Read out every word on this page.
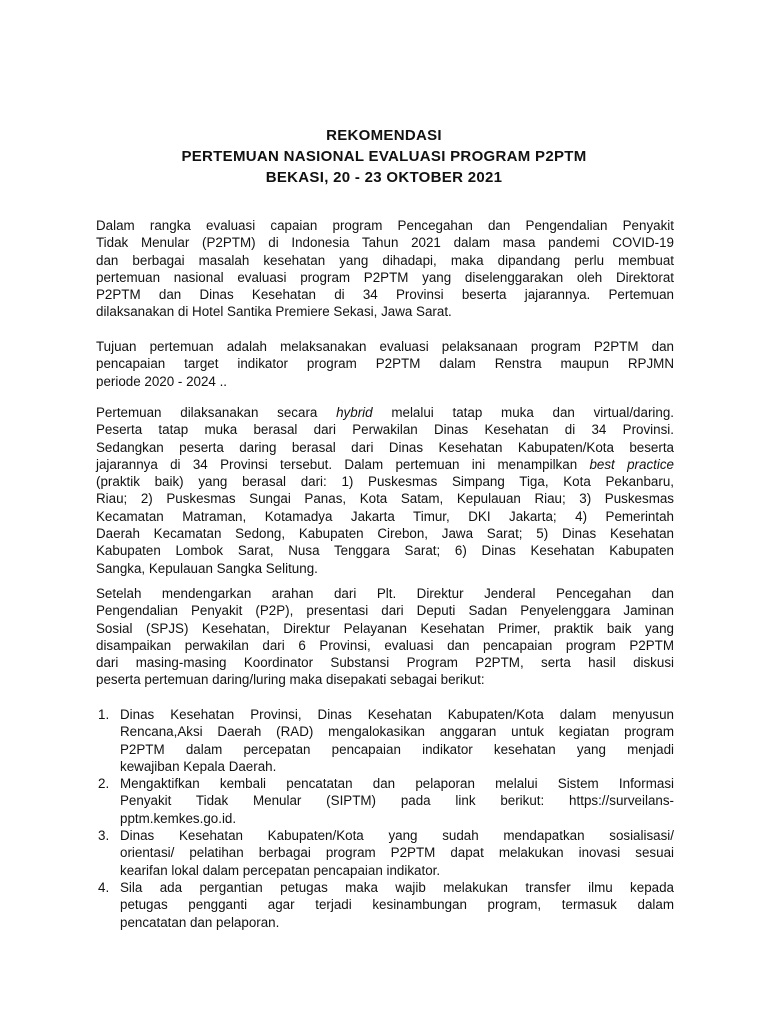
REKOMENDASI
PERTEMUAN NASIONAL EVALUASI PROGRAM P2PTM
BEKASI, 20 - 23 OKTOBER 2021
Dalam rangka evaluasi capaian program Pencegahan dan Pengendalian Penyakit
Tidak Menular (P2PTM) di Indonesia Tahun 2021 dalam masa pandemi COVID-19
dan berbagai masalah kesehatan yang dihadapi, maka dipandang perlu membuat
pertemuan nasional evaluasi program P2PTM yang diselenggarakan oleh Direktorat
P2PTM dan Dinas Kesehatan di 34 Provinsi beserta jajarannya. Pertemuan
dilaksanakan di Hotel Santika Premiere Sekasi, Jawa Sarat.
Tujuan pertemuan adalah melaksanakan evaluasi pelaksanaan program P2PTM dan
pencapaian target indikator program P2PTM dalam Renstra maupun RPJMN
periode 2020 - 2024 ..
Pertemuan dilaksanakan secara hybrid melalui tatap muka dan virtual/daring.
Peserta tatap muka berasal dari Perwakilan Dinas Kesehatan di 34 Provinsi.
Sedangkan peserta daring berasal dari Dinas Kesehatan Kabupaten/Kota beserta
jajarannya di 34 Provinsi tersebut. Dalam pertemuan ini menampilkan best practice
(praktik baik) yang berasal dari: 1) Puskesmas Simpang Tiga, Kota Pekanbaru,
Riau; 2) Puskesmas Sungai Panas, Kota Satam, Kepulauan Riau; 3) Puskesmas
Kecamatan Matraman, Kotamadya Jakarta Timur, DKI Jakarta; 4) Pemerintah
Daerah Kecamatan Sedong, Kabupaten Cirebon, Jawa Sarat; 5) Dinas Kesehatan
Kabupaten Lombok Sarat, Nusa Tenggara Sarat; 6) Dinas Kesehatan Kabupaten
Sangka, Kepulauan Sangka Selitung.
Setelah mendengarkan arahan dari Plt. Direktur Jenderal Pencegahan dan
Pengendalian Penyakit (P2P), presentasi dari Deputi Sadan Penyelenggara Jaminan
Sosial (SPJS) Kesehatan, Direktur Pelayanan Kesehatan Primer, praktik baik yang
disampaikan perwakilan dari 6 Provinsi, evaluasi dan pencapaian program P2PTM
dari masing-masing Koordinator Substansi Program P2PTM, serta hasil diskusi
peserta pertemuan daring/luring maka disepakati sebagai berikut:
1. Dinas Kesehatan Provinsi, Dinas Kesehatan Kabupaten/Kota dalam menyusun
Rencana,Aksi Daerah (RAD) mengalokasikan anggaran untuk kegiatan program
P2PTM dalam percepatan pencapaian indikator kesehatan yang menjadi
kewajiban Kepala Daerah.
2. Mengaktifkan kembali pencatatan dan pelaporan melalui Sistem Informasi
Penyakit Tidak Menular (SIPTM) pada link berikut: https://surveilans-
pptm.kemkes.go.id.
3. Dinas Kesehatan Kabupaten/Kota yang sudah mendapatkan sosialisasi/
orientasi/ pelatihan berbagai program P2PTM dapat melakukan inovasi sesuai
kearifan lokal dalam percepatan pencapaian indikator.
4. Sila ada pergantian petugas maka wajib melakukan transfer ilmu kepada
petugas pengganti agar terjadi kesinambungan program, termasuk dalam
pencatatan dan pelaporan.
